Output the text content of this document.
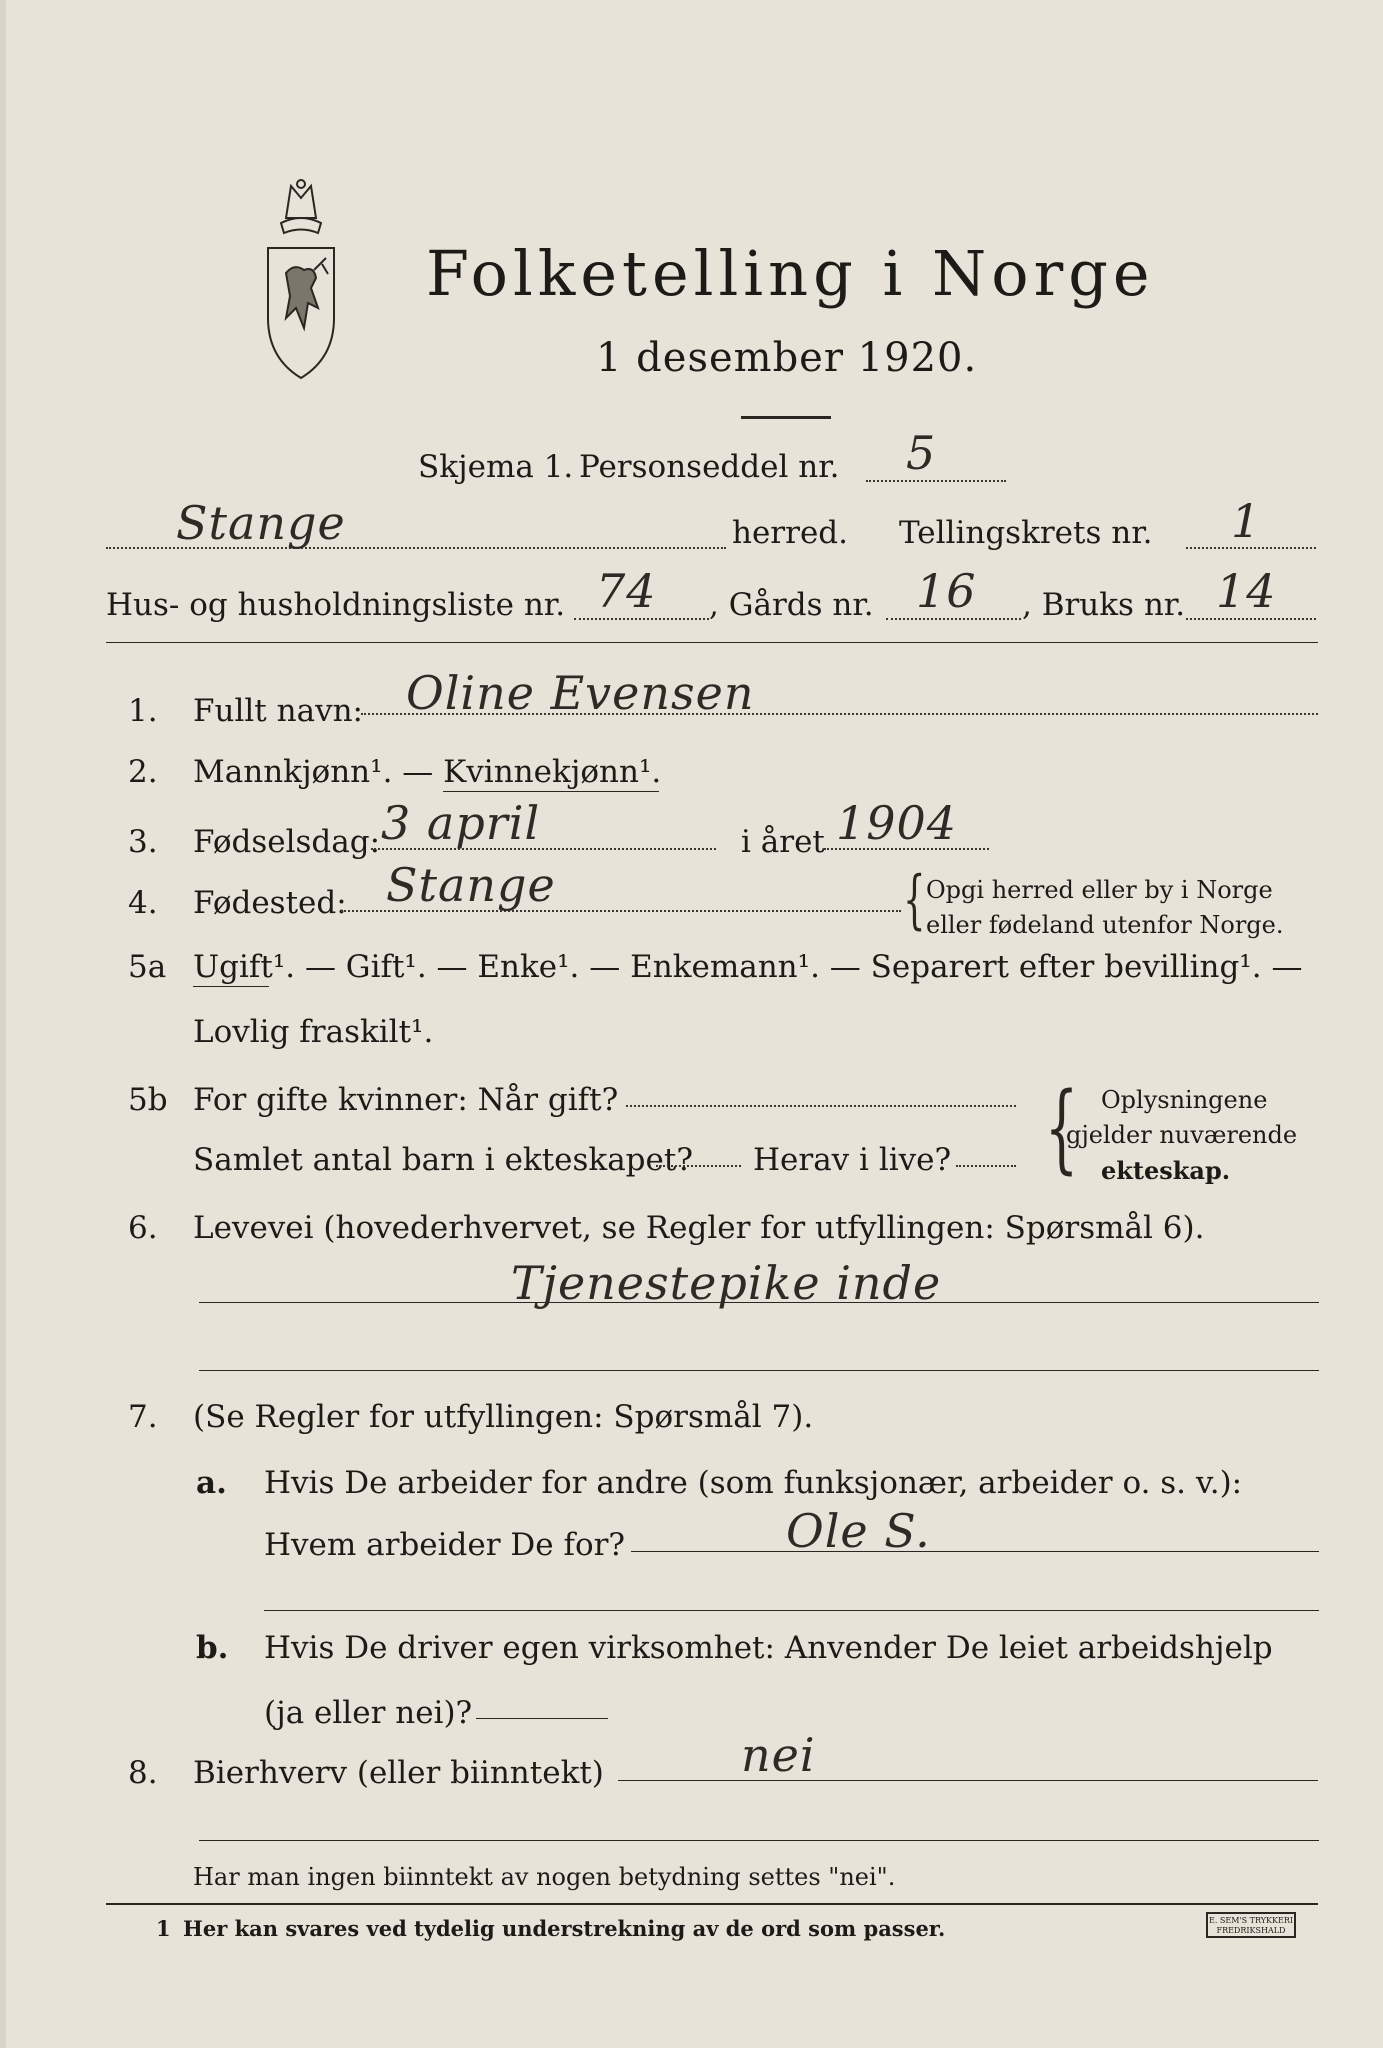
Folketelling i Norge
1 desember 1920.
Skjema 1. Personseddel nr. 5
Stange	herred. Tellingskrets nr. 1
Hus- og husholdningsliste nr. 74 , Gårds nr. 16 , Bruks nr. 14
1. Fullt navn: Oline Evensen
2. Mannkjønn¹. — Kvinnekjønn¹.
3. Fødselsdag: 3 april	i året 1904
4. Fødested: Stange	{ Opgi herred eller by i Norge
eller fødeland utenfor Norge.
5a Ugift¹. — Gift¹. — Enke¹. — Enkemann¹. — Separert efter bevilling¹. —
Lovlig fraskilt¹.
5b For gifte kvinner: Når gift?
Samlet antal barn i ekteskapet? Herav i live? { Oplysningene
gjelder nuværende
ekteskap.
6. Levevei (hovederhvervet, se Regler for utfyllingen: Spørsmål 6).
Tjenestepike inde
7. (Se Regler for utfyllingen: Spørsmål 7).
a. Hvis De arbeider for andre (som funksjonær, arbeider o. s. v.):
Hvem arbeider De for?	Ole S.
b. Hvis De driver egen virksomhet: Anvender De leiet arbeidshjelp
(ja eller nei)?
8. Bierhverv (eller biinntekt)	nei
Har man ingen biinntekt av nogen betydning settes "nei".
1 Her kan svares ved tydelig understrekning av de ord som passer.	E. SEM'S TRYKKERI FREDRIKSHALD
